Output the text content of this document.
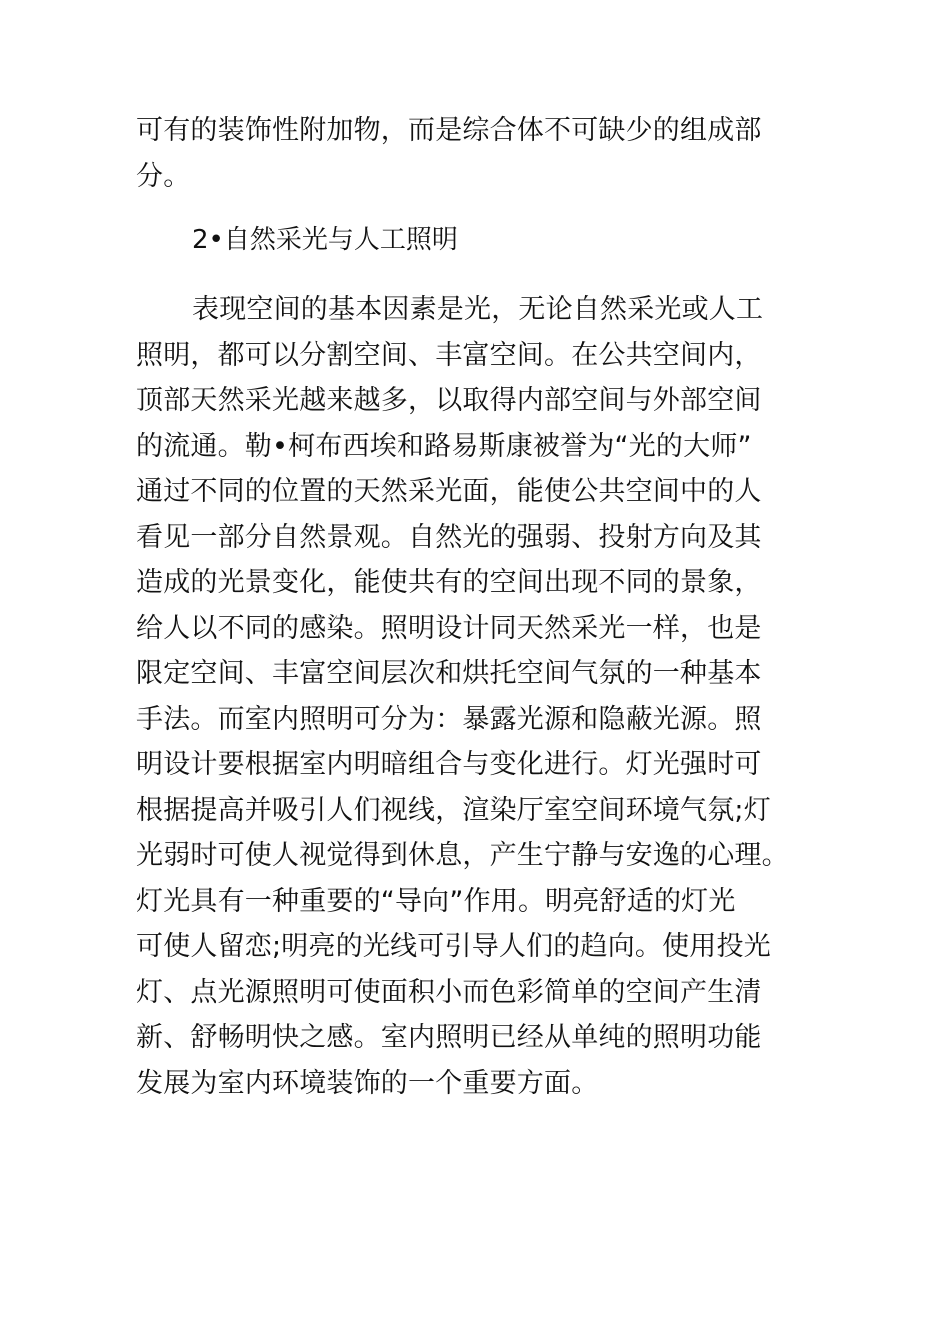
可有的装饰性附加物，而是综合体不可缺少的组成部
分。
2•自然采光与人工照明
表现空间的基本因素是光，无论自然采光或人工
照明，都可以分割空间、丰富空间。在公共空间内，
顶部天然采光越来越多，以取得内部空间与外部空间
的流通。勒•柯布西埃和路易斯康被誉为“光的大师”
通过不同的位置的天然采光面，能使公共空间中的人
看见一部分自然景观。自然光的强弱、投射方向及其
造成的光景变化，能使共有的空间出现不同的景象，
给人以不同的感染。照明设计同天然采光一样，也是
限定空间、丰富空间层次和烘托空间气氛的一种基本
手法。而室内照明可分为：暴露光源和隐蔽光源。照
明设计要根据室内明暗组合与变化进行。灯光强时可
根据提高并吸引人们视线，渲染厅室空间环境气氛;灯
光弱时可使人视觉得到休息，产生宁静与安逸的心理。
灯光具有一种重要的“导向”作用。明亮舒适的灯光
可使人留恋;明亮的光线可引导人们的趋向。使用投光
灯、点光源照明可使面积小而色彩简单的空间产生清
新、舒畅明快之感。室内照明已经从单纯的照明功能
发展为室内环境装饰的一个重要方面。
